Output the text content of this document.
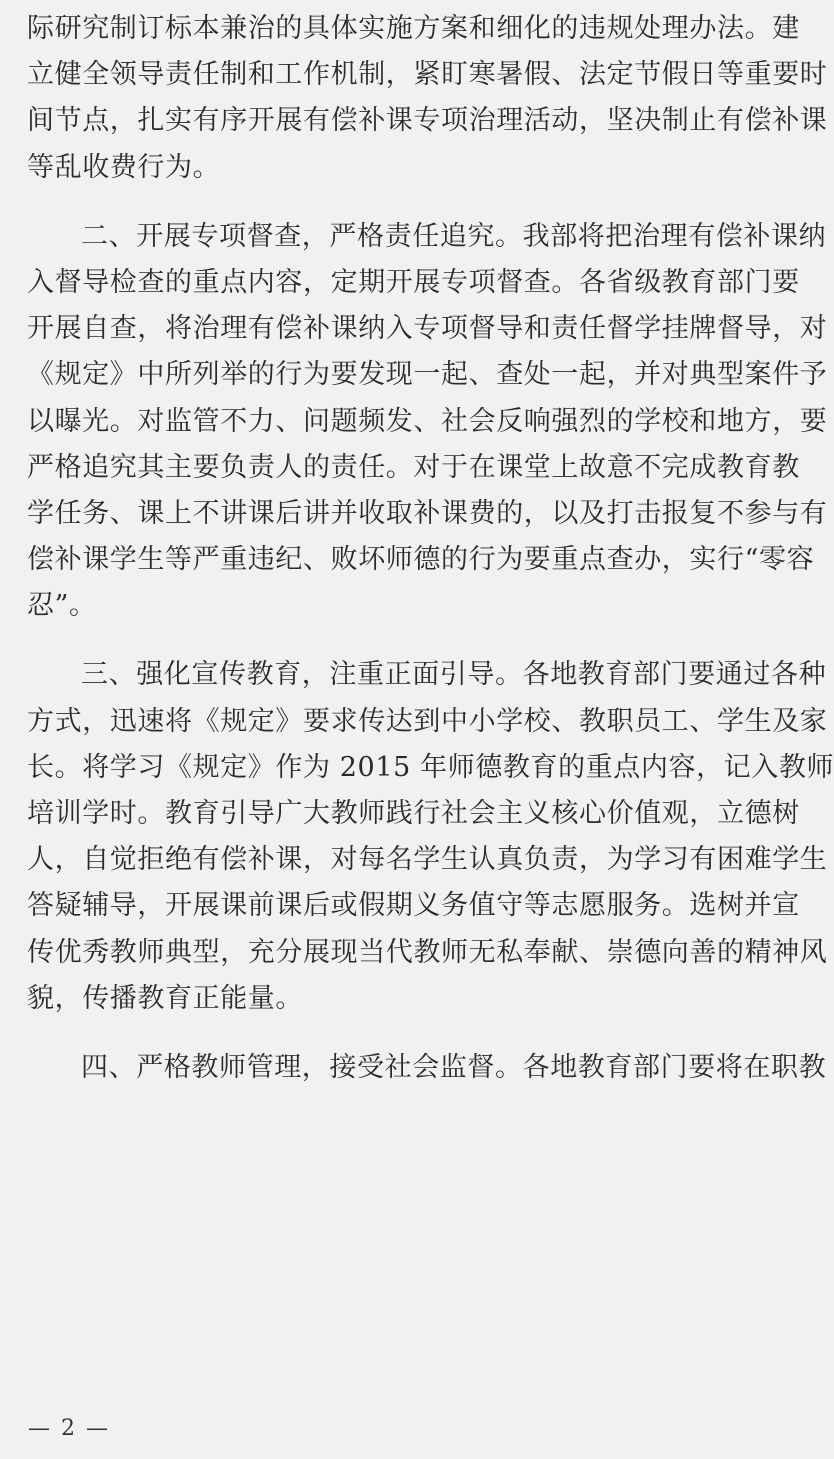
际研究制订标本兼治的具体实施方案和细化的违规处理办法。建
立健全领导责任制和工作机制，紧盯寒暑假、法定节假日等重要时
间节点，扎实有序开展有偿补课专项治理活动，坚决制止有偿补课
等乱收费行为。
二、开展专项督查，严格责任追究。我部将把治理有偿补课纳
入督导检查的重点内容，定期开展专项督查。各省级教育部门要
开展自查，将治理有偿补课纳入专项督导和责任督学挂牌督导，对
《规定》中所列举的行为要发现一起、查处一起，并对典型案件予
以曝光。对监管不力、问题频发、社会反响强烈的学校和地方，要
严格追究其主要负责人的责任。对于在课堂上故意不完成教育教
学任务、课上不讲课后讲并收取补课费的，以及打击报复不参与有
偿补课学生等严重违纪、败坏师德的行为要重点查办，实行“零容
忍”。
三、强化宣传教育，注重正面引导。各地教育部门要通过各种
方式，迅速将《规定》要求传达到中小学校、教职员工、学生及家
长。将学习《规定》作为 2015 年师德教育的重点内容，记入教师
培训学时。教育引导广大教师践行社会主义核心价值观，立德树
人，自觉拒绝有偿补课，对每名学生认真负责，为学习有困难学生
答疑辅导，开展课前课后或假期义务值守等志愿服务。选树并宣
传优秀教师典型，充分展现当代教师无私奉献、崇德向善的精神风
貌，传播教育正能量。
四、严格教师管理，接受社会监督。各地教育部门要将在职教
— 2 —
